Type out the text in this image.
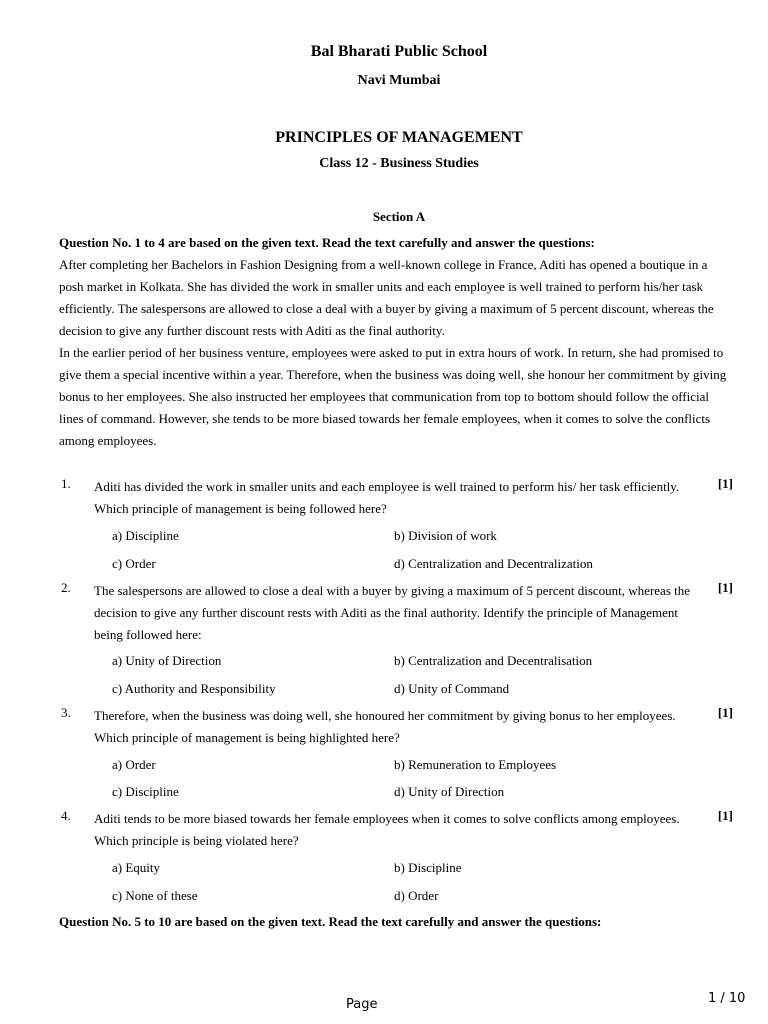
Bal Bharati Public School
Navi Mumbai
PRINCIPLES OF MANAGEMENT
Class 12 - Business Studies
Section A
Question No. 1 to 4 are based on the given text. Read the text carefully and answer the questions:

After completing her Bachelors in Fashion Designing from a well-known college in France, Aditi has opened a boutique in a posh market in Kolkata. She has divided the work in smaller units and each employee is well trained to perform his/her task efficiently. The salespersons are allowed to close a deal with a buyer by giving a maximum of 5 percent discount, whereas the decision to give any further discount rests with Aditi as the final authority.

In the earlier period of her business venture, employees were asked to put in extra hours of work. In return, she had promised to give them a special incentive within a year. Therefore, when the business was doing well, she honour her commitment by giving bonus to her employees. She also instructed her employees that communication from top to bottom should follow the official lines of command. However, she tends to be more biased towards her female employees, when it comes to solve the conflicts among employees.

1. Aditi has divided the work in smaller units and each employee is well trained to perform his/ her task efficiently. Which principle of management is being followed here?
[1]
a) Discipline	b) Division of work
c) Order	d) Centralization and Decentralization
2. The salespersons are allowed to close a deal with a buyer by giving a maximum of 5 percent discount, whereas the decision to give any further discount rests with Aditi as the final authority. Identify the principle of Management being followed here:
[1]
a) Unity of Direction	b) Centralization and Decentralisation
c) Authority and Responsibility	d) Unity of Command
3. Therefore, when the business was doing well, she honoured her commitment by giving bonus to her employees. Which principle of management is being highlighted here?
[1]
a) Order	b) Remuneration to Employees
c) Discipline	d) Unity of Direction
4. Aditi tends to be more biased towards her female employees when it comes to solve conflicts among employees. Which principle is being violated here?
[1]
a) Equity	b) Discipline
c) None of these	d) Order
Question No. 5 to 10 are based on the given text. Read the text carefully and answer the questions:
Page	1 / 10
